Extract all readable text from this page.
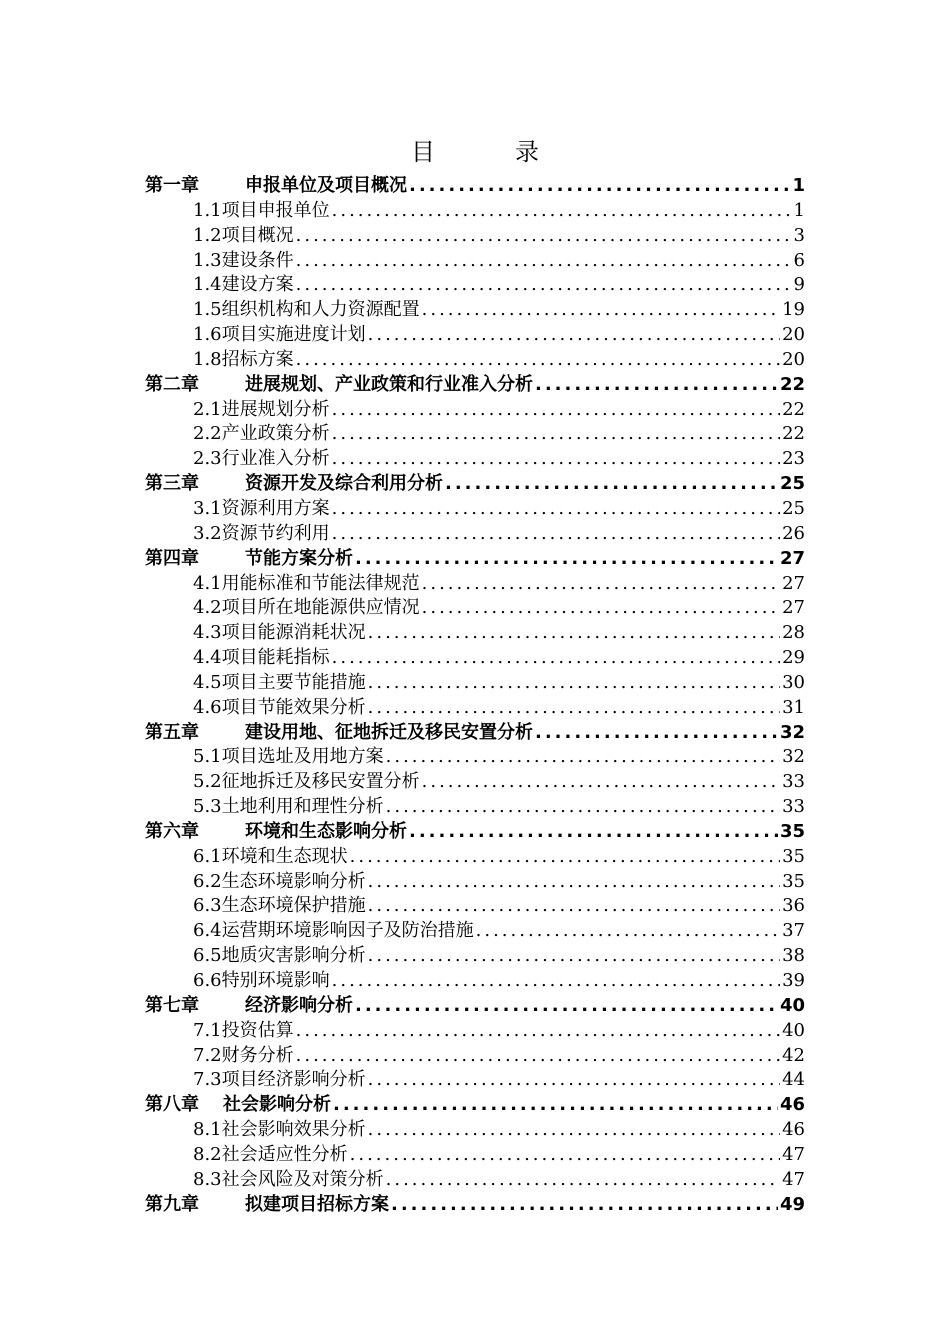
目　录
第一章	申报单位及项目概况 .....	1
1.1项目申报单位 .....	1
1.2项目概况 .....	3
1.3建设条件 .....	6
1.4建设方案 .....	9
1.5组织机构和人力资源配置 .....	19
1.6项目实施进度计划 .....	20
1.8招标方案 .....	20
第二章	进展规划、产业政策和行业准入分析 .....	22
2.1进展规划分析 .....	22
2.2产业政策分析 .....	22
2.3行业准入分析 .....	23
第三章	资源开发及综合利用分析 .....	25
3.1资源利用方案 .....	25
3.2资源节约利用 .....	26
第四章	节能方案分析 .....	27
4.1用能标准和节能法律规范 .....	27
4.2项目所在地能源供应情况 .....	27
4.3项目能源消耗状况 .....	28
4.4项目能耗指标 .....	29
4.5项目主要节能措施 .....	30
4.6项目节能效果分析 .....	31
第五章	建设用地、征地拆迁及移民安置分析 .....	32
5.1项目选址及用地方案 .....	32
5.2征地拆迁及移民安置分析 .....	33
5.3土地利用和理性分析 .....	33
第六章	环境和生态影响分析 .....	35
6.1环境和生态现状 .....	35
6.2生态环境影响分析 .....	35
6.3生态环境保护措施 .....	36
6.4运营期环境影响因子及防治措施 .....	37
6.5地质灾害影响分析 .....	38
6.6特别环境影响 .....	39
第七章	经济影响分析 .....	40
7.1投资估算 .....	40
7.2财务分析 .....	42
7.3项目经济影响分析 .....	44
第八章	社会影响分析 .....	46
8.1社会影响效果分析 .....	46
8.2社会适应性分析 .....	47
8.3社会风险及对策分析 .....	47
第九章	拟建项目招标方案 .....	49
